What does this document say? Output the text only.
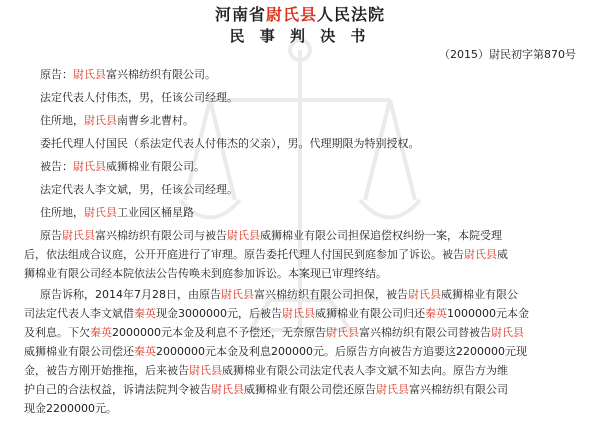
河南省尉氏县人民法院
民 事 判 决 书
（2015）尉民初字第870号
原告：尉氏县富兴棉纺织有限公司。
法定代表人付伟杰，男，任该公司经理。
住所地，尉氏县南曹乡北曹村。
委托代理人付国民（系法定代表人付伟杰的父亲），男。代理期限为特别授权。
被告：尉氏县威狮棉业有限公司。
法定代表人李文斌，男，任该公司经理。
住所地，尉氏县工业园区桶星路
原告尉氏县富兴棉纺织有限公司与被告尉氏县威狮棉业有限公司担保追偿权纠纷一案，本院受理
后，依法组成合议庭，公开开庭进行了审理。原告委托代理人付国民到庭参加了诉讼。被告尉氏县威
狮棉业有限公司经本院依法公告传唤未到庭参加诉讼。本案现已审理终结。
原告诉称，2014年7月28日，由原告尉氏县富兴棉纺织有限公司担保，被告尉氏县威狮棉业有限公
司法定代表人李文斌借秦英现金3000000元，后被告尉氏县威狮棉业有限公司归还秦英1000000元本金
及利息。下欠秦英2000000元本金及利息不予偿还，无奈原告尉氏县富兴棉纺织有限公司替被告尉氏县
威狮棉业有限公司偿还秦英2000000元本金及利息200000元。后原告方向被告方追要这2200000元现
金，被告方刚开始推拖，后来被告尉氏县威狮棉业有限公司法定代表人李文斌不知去向。原告方为维
护自己的合法权益，诉请法院判令被告尉氏县威狮棉业有限公司偿还原告尉氏县富兴棉纺织有限公司
现金2200000元。
